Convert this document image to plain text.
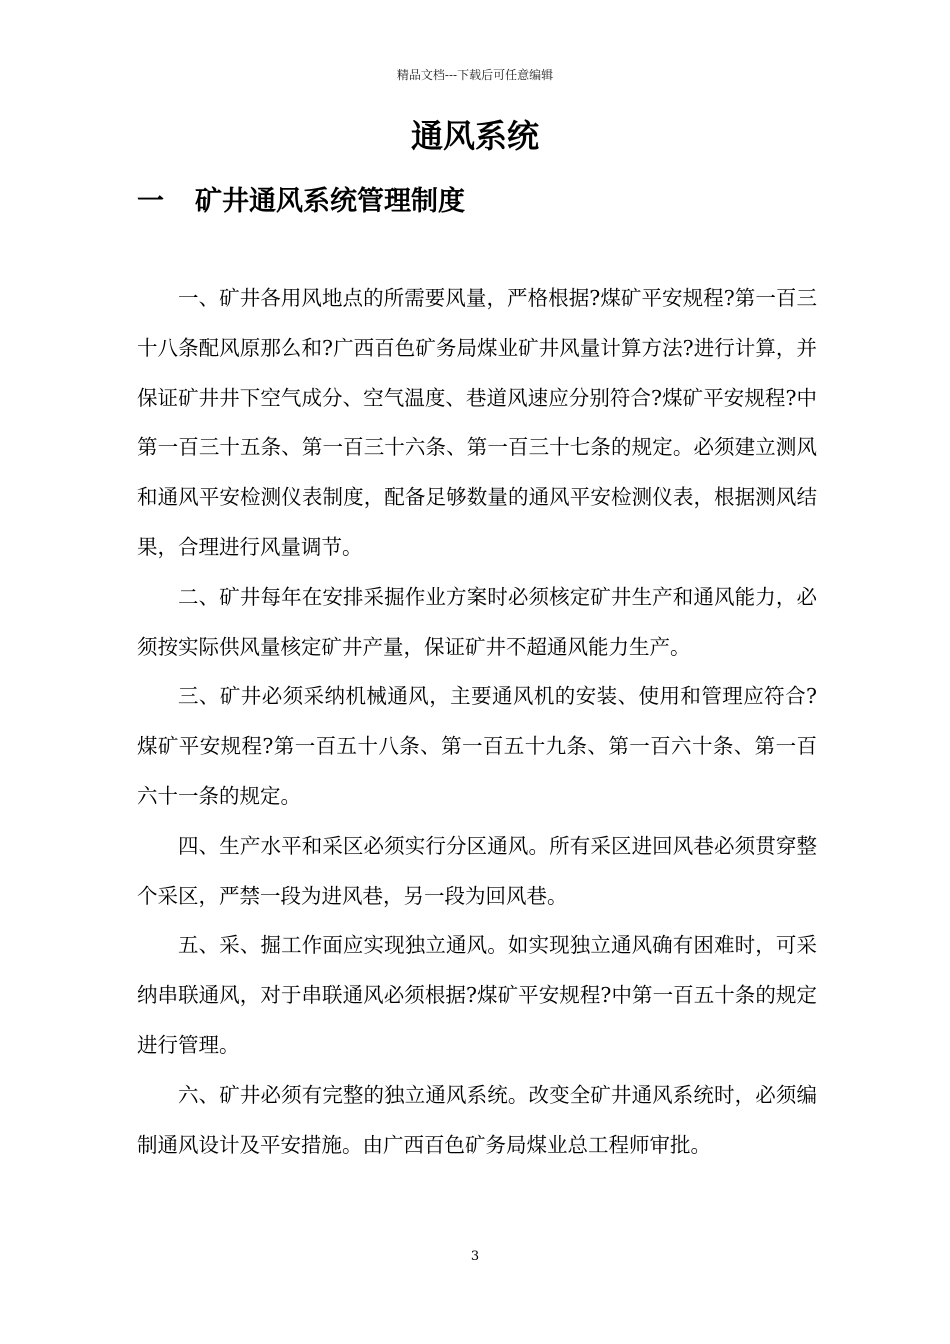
精品文档---下载后可任意编辑
通风系统
一 矿井通风系统管理制度

一、矿井各用风地点的所需要风量，严格根据?煤矿平安规程?第一百三十八条配风原那么和?广西百色矿务局煤业矿井风量计算方法?进行计算，并保证矿井井下空气成分、空气温度、巷道风速应分别符合?煤矿平安规程?中第一百三十五条、第一百三十六条、第一百三十七条的规定。必须建立测风和通风平安检测仪表制度，配备足够数量的通风平安检测仪表，根据测风结果，合理进行风量调节。

二、矿井每年在安排采掘作业方案时必须核定矿井生产和通风能力，必须按实际供风量核定矿井产量，保证矿井不超通风能力生产。

三、矿井必须采纳机械通风，主要通风机的安装、使用和管理应符合?煤矿平安规程?第一百五十八条、第一百五十九条、第一百六十条、第一百六十一条的规定。

四、生产水平和采区必须实行分区通风。所有采区进回风巷必须贯穿整个采区，严禁一段为进风巷，另一段为回风巷。

五、采、掘工作面应实现独立通风。如实现独立通风确有困难时，可采纳串联通风，对于串联通风必须根据?煤矿平安规程?中第一百五十条的规定进行管理。

六、矿井必须有完整的独立通风系统。改变全矿井通风系统时，必须编制通风设计及平安措施。由广西百色矿务局煤业总工程师审批。

3
